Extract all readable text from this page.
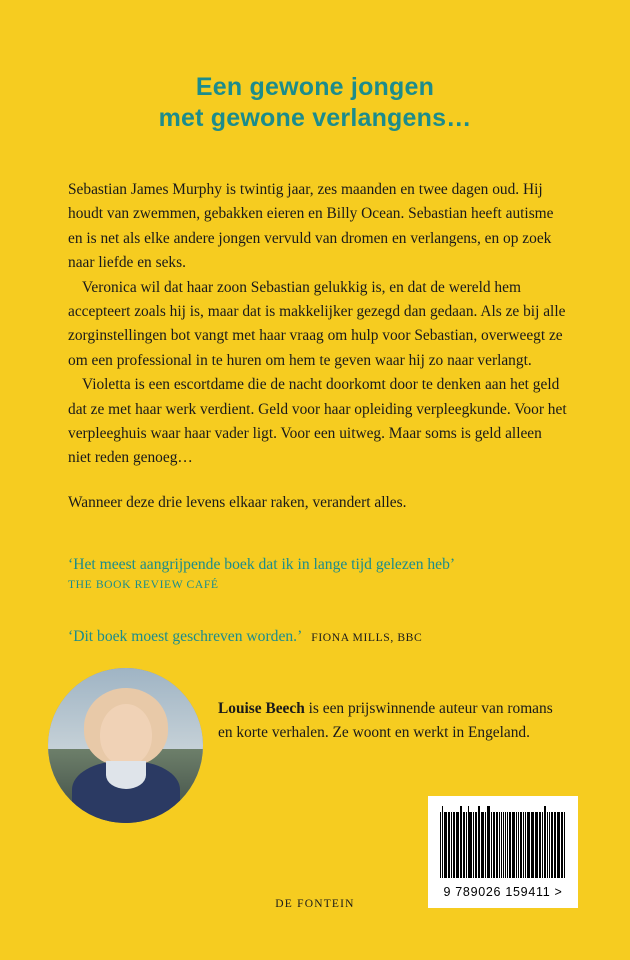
Een gewone jongen
met gewone verlangens…

Sebastian James Murphy is twintig jaar, zes maanden en twee dagen oud. Hij houdt van zwemmen, gebakken eieren en Billy Ocean. Sebastian heeft autisme en is net als elke andere jongen vervuld van dromen en verlangens, en op zoek naar liefde en seks.

Veronica wil dat haar zoon Sebastian gelukkig is, en dat de wereld hem accepteert zoals hij is, maar dat is makkelijker gezegd dan gedaan. Als ze bij alle zorginstellingen bot vangt met haar vraag om hulp voor Sebastian, overweegt ze om een professional in te huren om hem te geven waar hij zo naar verlangt.

Violetta is een escortdame die de nacht doorkomt door te denken aan het geld dat ze met haar werk verdient. Geld voor haar opleiding verpleegkunde. Voor het verpleeghuis waar haar vader ligt. Voor een uitweg. Maar soms is geld alleen niet reden genoeg…

Wanneer deze drie levens elkaar raken, verandert alles.

‘Het meest aangrijpende boek dat ik in lange tijd gelezen heb’
THE BOOK REVIEW CAFÉ
‘Dit boek moest geschreven worden.’ FIONA MILLS, BBC
Louise Beech is een prijswinnende auteur van romans en korte verhalen. Ze woont en werkt in Engeland.
DE FONTEIN
9 789026 159411 >
